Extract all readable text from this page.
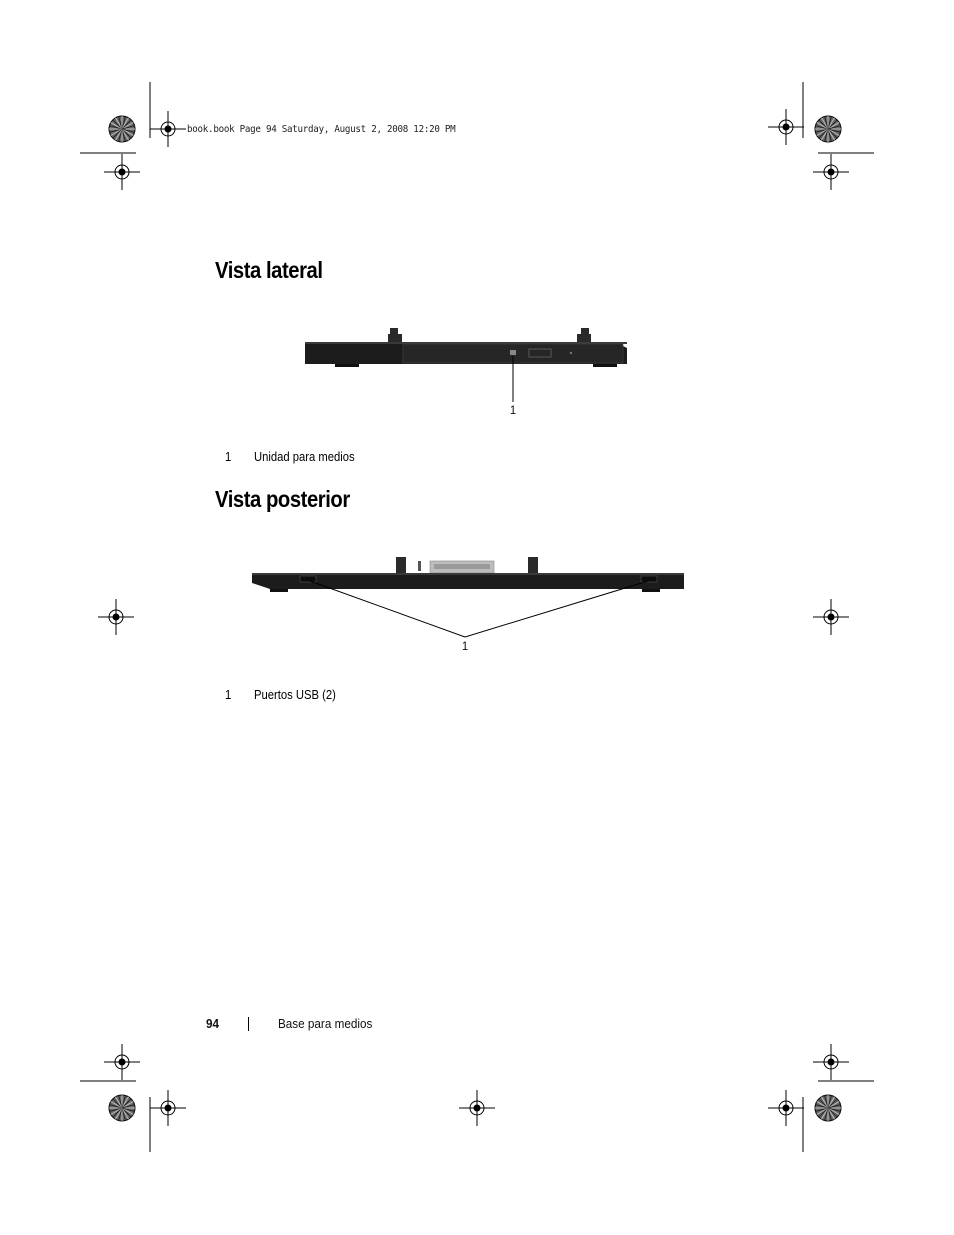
book.book Page 94 Saturday, August 2, 2008 12:20 PM
Vista lateral
1
1 Unidad para medios
Vista posterior
1
1 Puertos USB (2)
94	Base para medios
